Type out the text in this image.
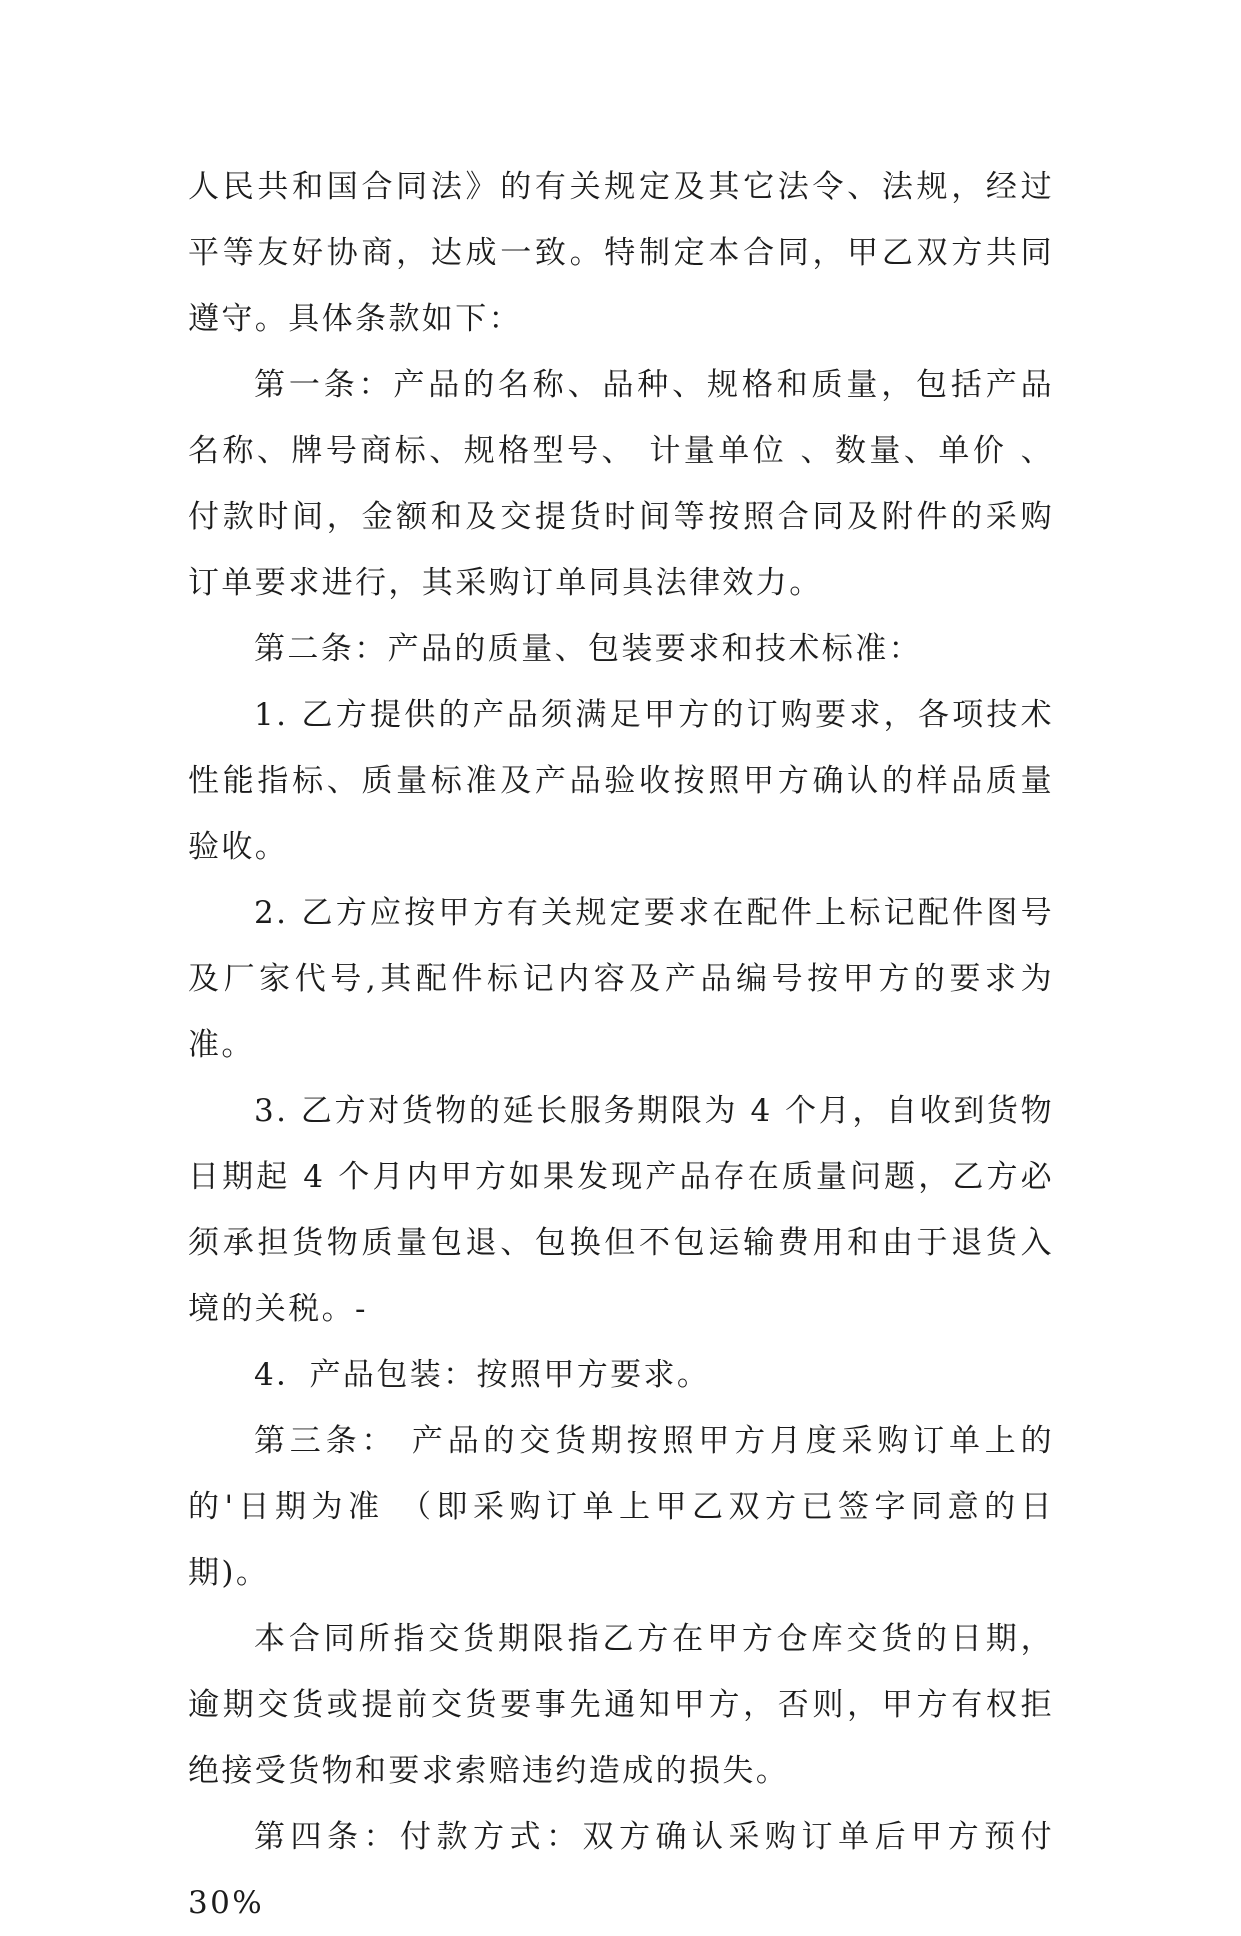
人民共和国合同法》的有关规定及其它法令、法规，经过平等友好协商，达成一致。特制定本合同，甲乙双方共同遵守。具体条款如下：

第一条：产品的名称、品种、规格和质量，包括产品名称、牌号商标、规格型号、 计量单位 、数量、单价 、付款时间，金额和及交提货时间等按照合同及附件的采购订单要求进行，其采购订单同具法律效力。

第二条：产品的质量、包装要求和技术标准：

1. 乙方提供的产品须满足甲方的订购要求，各项技术性能指标、质量标准及产品验收按照甲方确认的样品质量验收。

2. 乙方应按甲方有关规定要求在配件上标记配件图号及厂家代号,其配件标记内容及产品编号按甲方的要求为准。

3. 乙方对货物的延长服务期限为 4 个月，自收到货物日期起 4 个月内甲方如果发现产品存在质量问题，乙方必须承担货物质量包退、包换但不包运输费用和由于退货入境的关税。-

4．产品包装：按照甲方要求。

第三条： 产品的交货期按照甲方月度采购订单上的的'日期为准 （即采购订单上甲乙双方已签字同意的日期)。

本合同所指交货期限指乙方在甲方仓库交货的日期，逾期交货或提前交货要事先通知甲方，否则，甲方有权拒绝接受货物和要求索赔违约造成的损失。

第四条：付款方式：双方确认采购订单后甲方预付 30%
